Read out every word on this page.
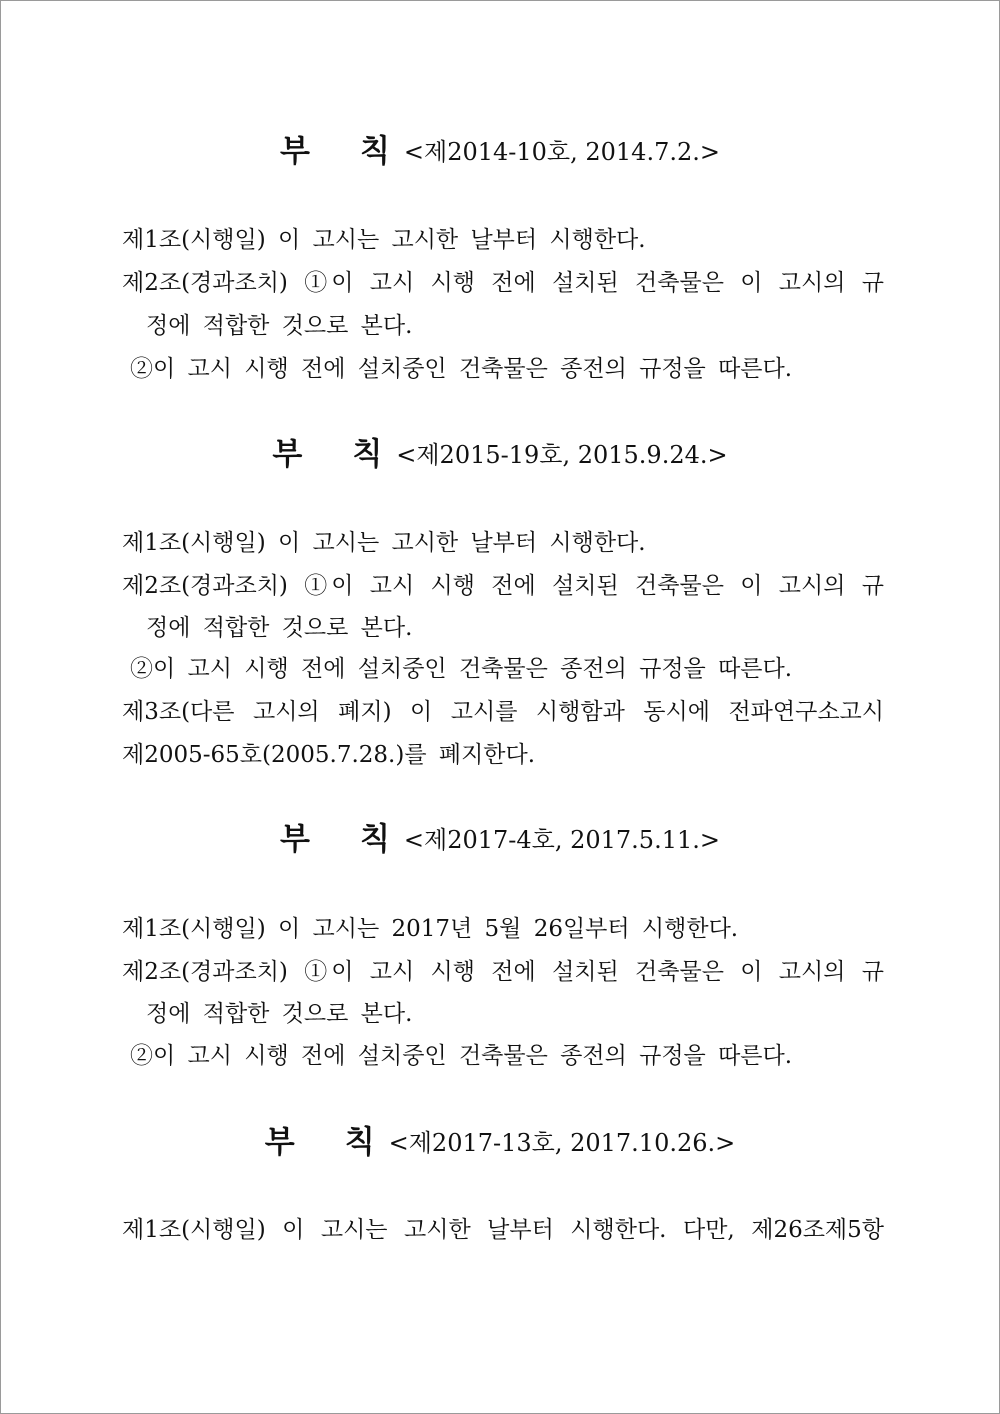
부 칙 <제2014-10호, 2014.7.2.>
제1조(시행일) 이 고시는 고시한 날부터 시행한다.
제2조(경과조치) ①이 고시 시행 전에 설치된 건축물은 이 고시의 규
정에 적합한 것으로 본다.
②이 고시 시행 전에 설치중인 건축물은 종전의 규정을 따른다.
부 칙 <제2015-19호, 2015.9.24.>
제1조(시행일) 이 고시는 고시한 날부터 시행한다.
제2조(경과조치) ①이 고시 시행 전에 설치된 건축물은 이 고시의 규
정에 적합한 것으로 본다.
②이 고시 시행 전에 설치중인 건축물은 종전의 규정을 따른다.
제3조(다른 고시의 폐지) 이 고시를 시행함과 동시에 전파연구소고시
제2005-65호(2005.7.28.)를 폐지한다.
부 칙 <제2017-4호, 2017.5.11.>
제1조(시행일) 이 고시는 2017년 5월 26일부터 시행한다.
제2조(경과조치) ①이 고시 시행 전에 설치된 건축물은 이 고시의 규
정에 적합한 것으로 본다.
②이 고시 시행 전에 설치중인 건축물은 종전의 규정을 따른다.
부 칙 <제2017-13호, 2017.10.26.>
제1조(시행일) 이 고시는 고시한 날부터 시행한다. 다만, 제26조제5항
